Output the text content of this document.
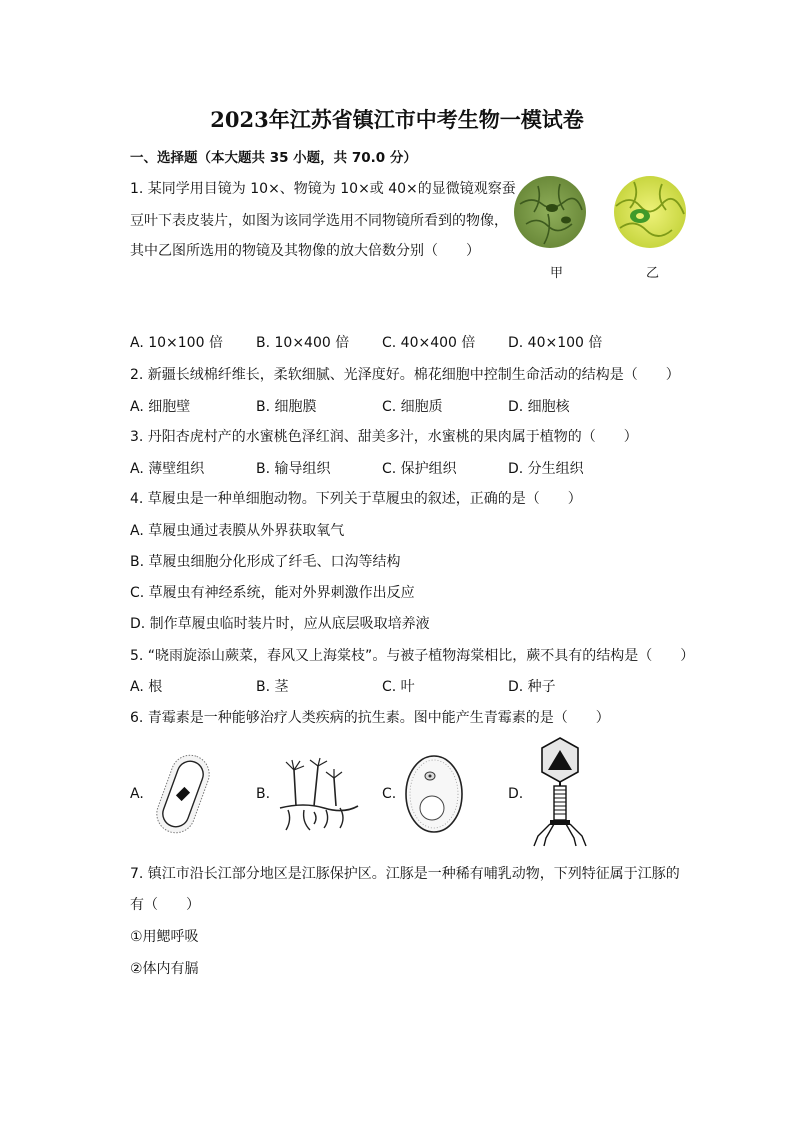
2023年江苏省镇江市中考生物一模试卷
一、选择题（本大题共 35 小题，共 70.0 分）
1. 某同学用目镜为 10×、物镜为 10×或 40×的显微镜观察蚕
豆叶下表皮装片，如图为该同学选用不同物镜所看到的物像，
其中乙图所选用的物镜及其物像的放大倍数分别（　　）
甲	乙
A. 10×100 倍 B. 10×400 倍 C. 40×400 倍 D. 40×100 倍
2. 新疆长绒棉纤维长，柔软细腻、光泽度好。棉花细胞中控制生命活动的结构是（　　）
A. 细胞壁	B. 细胞膜	C. 细胞质	D. 细胞核
3. 丹阳杏虎村产的水蜜桃色泽红润、甜美多汁，水蜜桃的果肉属于植物的（　　）
A. 薄壁组织	B. 输导组织	C. 保护组织	D. 分生组织
4. 草履虫是一种单细胞动物。下列关于草履虫的叙述，正确的是（　　）
A. 草履虫通过表膜从外界获取氧气
B. 草履虫细胞分化形成了纤毛、口沟等结构
C. 草履虫有神经系统，能对外界刺激作出反应
D. 制作草履虫临时装片时，应从底层吸取培养液
5. “晓雨旋添山蕨菜，春风又上海棠枝”。与被子植物海棠相比，蕨不具有的结构是（　　）
A. 根	B. 茎	C. 叶	D. 种子
6. 青霉素是一种能够治疗人类疾病的抗生素。图中能产生青霉素的是（　　）
A.	B.	C.	D.
7. 镇江市沿长江部分地区是江豚保护区。江豚是一种稀有哺乳动物，下列特征属于江豚的
有（　　）
①用鳃呼吸
②体内有膈
